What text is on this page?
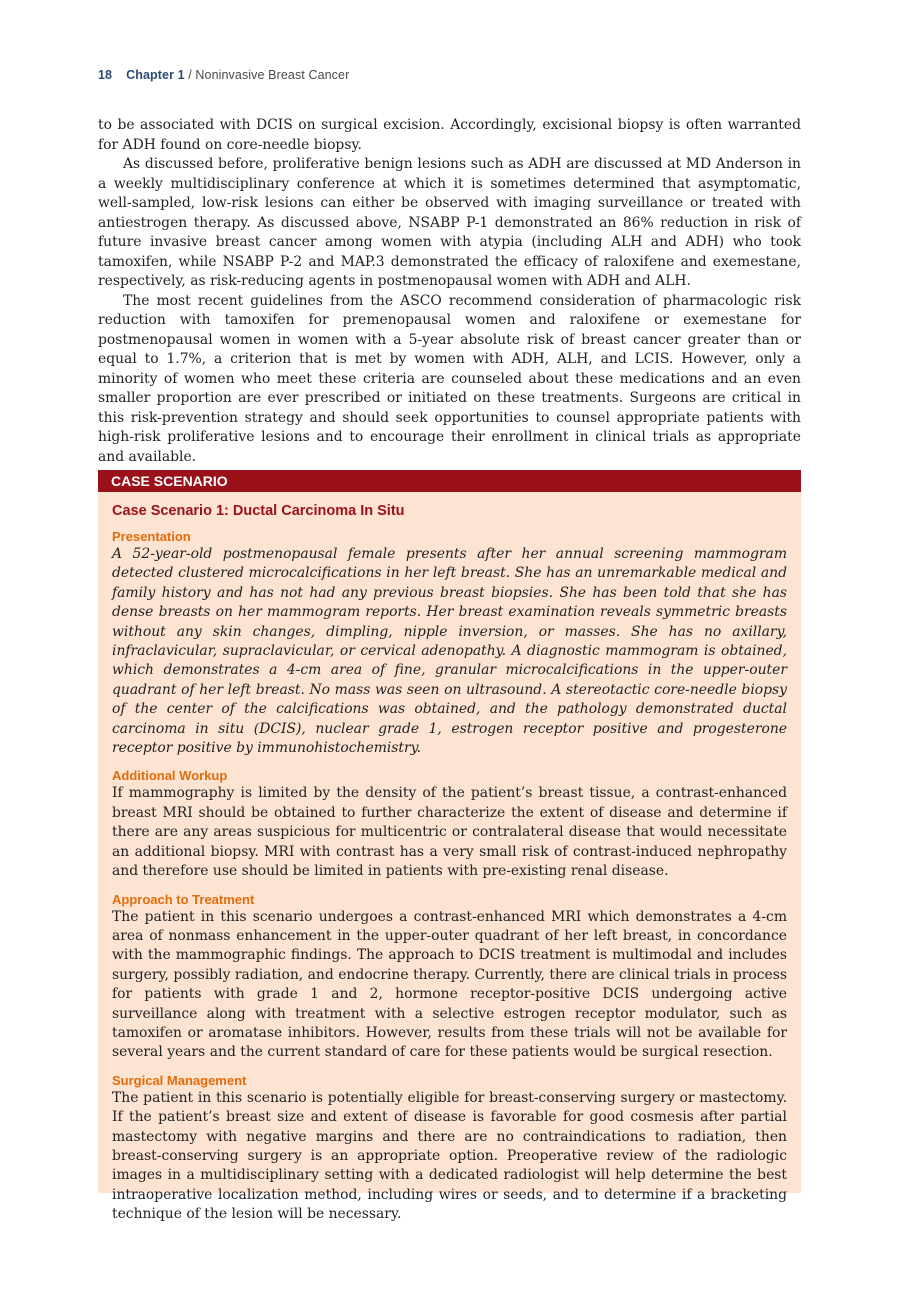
18 Chapter 1 / Noninvasive Breast Cancer

to be associated with DCIS on surgical excision. Accordingly, excisional biopsy is often warranted for ADH found on core-needle biopsy.

As discussed before, proliferative benign lesions such as ADH are discussed at MD Anderson in a weekly multidisciplinary conference at which it is sometimes determined that asymptomatic, well-sampled, low-risk lesions can either be observed with imaging surveillance or treated with antiestrogen therapy. As discussed above, NSABP P-1 demonstrated an 86% reduction in risk of future invasive breast cancer among women with atypia (including ALH and ADH) who took tamoxifen, while NSABP P-2 and MAP.3 demonstrated the efficacy of raloxifene and exemestane, respectively, as risk-reducing agents in postmenopausal women with ADH and ALH.

The most recent guidelines from the ASCO recommend consideration of pharmacologic risk reduction with tamoxifen for premenopausal women and raloxifene or exemestane for postmenopausal women in women with a 5-year absolute risk of breast cancer greater than or equal to 1.7%, a criterion that is met by women with ADH, ALH, and LCIS. However, only a minority of women who meet these criteria are counseled about these medications and an even smaller proportion are ever prescribed or initiated on these treatments. Surgeons are critical in this risk-prevention strategy and should seek opportunities to counsel appropriate patients with high-risk proliferative lesions and to encourage their enrollment in clinical trials as appropriate and available.

CASE SCENARIO

Case Scenario 1: Ductal Carcinoma In Situ

Presentation

A 52-year-old postmenopausal female presents after her annual screening mammogram detected clustered microcalcifications in her left breast. She has an unremarkable medical and family history and has not had any previous breast biopsies. She has been told that she has dense breasts on her mammogram reports. Her breast examination reveals symmetric breasts without any skin changes, dimpling, nipple inversion, or masses. She has no axillary, infraclavicular, supraclavicular, or cervical adenopathy. A diagnostic mammogram is obtained, which demonstrates a 4-cm area of fine, granular microcalcifications in the upper-outer quadrant of her left breast. No mass was seen on ultrasound. A stereotactic core-needle biopsy of the center of the calcifications was obtained, and the pathology demonstrated ductal carcinoma in situ (DCIS), nuclear grade 1, estrogen receptor positive and progesterone receptor positive by immunohistochemistry.

Additional Workup

If mammography is limited by the density of the patient’s breast tissue, a contrast-enhanced breast MRI should be obtained to further characterize the extent of disease and determine if there are any areas suspicious for multicentric or contralateral disease that would necessitate an additional biopsy. MRI with contrast has a very small risk of contrast-induced nephropathy and therefore use should be limited in patients with pre-existing renal disease.

Approach to Treatment

The patient in this scenario undergoes a contrast-enhanced MRI which demonstrates a 4-cm area of nonmass enhancement in the upper-outer quadrant of her left breast, in concordance with the mammographic findings. The approach to DCIS treatment is multimodal and includes surgery, possibly radiation, and endocrine therapy. Currently, there are clinical trials in process for patients with grade 1 and 2, hormone receptor-positive DCIS undergoing active surveillance along with treatment with a selective estrogen receptor modulator, such as tamoxifen or aromatase inhibitors. However, results from these trials will not be available for several years and the current standard of care for these patients would be surgical resection.

Surgical Management

The patient in this scenario is potentially eligible for breast-conserving surgery or mastectomy. If the patient’s breast size and extent of disease is favorable for good cosmesis after partial mastectomy with negative margins and there are no contraindications to radiation, then breast-conserving surgery is an appropriate option. Preoperative review of the radiologic images in a multidisciplinary setting with a dedicated radiologist will help determine the best intraoperative localization method, including wires or seeds, and to determine if a bracketing technique of the lesion will be necessary.
